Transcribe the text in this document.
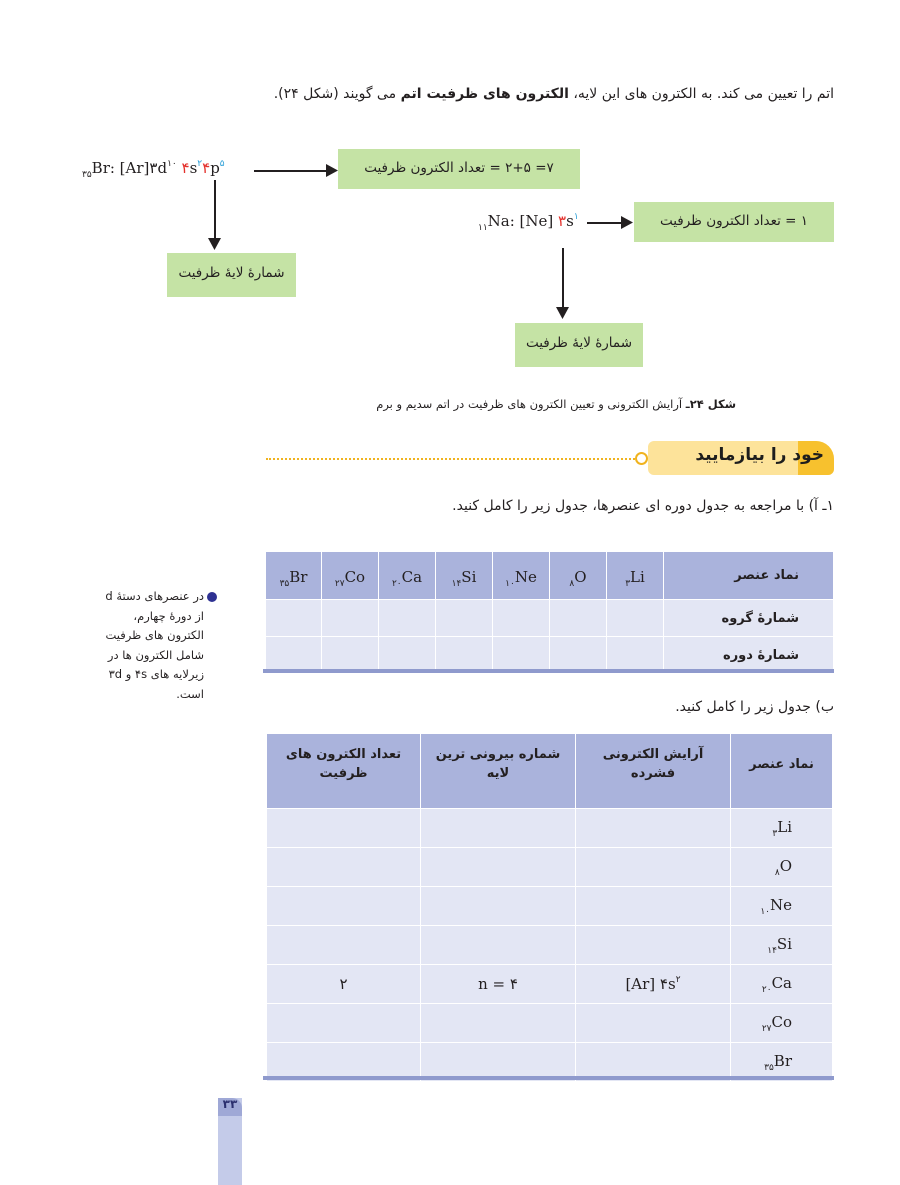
اتم را تعیین می کند. به الکترون های این لایه، الکترون های ظرفیت اتم می گویند (شکل ۲۴).
$_{۳۵}$Br: $[Ar]۳d^{۱۰}$ $۴s^۲۴p^۵$	۷= ۲+۵ = تعداد الکترون ظرفیت
شمارهٔ لایهٔ ظرفیت
$_{۱۱}$Na: [Ne] $۳s^۱$	۱ = تعداد الکترون ظرفیت
شمارهٔ لایهٔ ظرفیت
شکل ۲۴ـ آرایش الکترونی و تعیین الکترون های ظرفیت در اتم سدیم و برم
خود را بیازمایید
۱ـ آ) با مراجعه به جدول دوره ای عنصرها، جدول زیر را کامل کنید.
در عنصرهای دستهٔ d از دورهٔ چهارم، الکترون های ظرفیت شامل الکترون ها در زیرلایه های ۴s و ۳d است.
$_{۳۵}$Br	$_{۲۷}$Co	$_{۲۰}$Ca	$_{۱۴}$Si	$_{۱۰}$Ne	$_۸$O	$_۳$Li	نماد عنصر
							شمارهٔ گروه
							شمارهٔ دوره
ب) جدول زیر را کامل کنید.
تعداد الکترون های ظرفیت	شماره بیرونی ترین لایه	آرایش الکترونی فشرده	نماد عنصر
			$_۳$Li
			$_۸$O
			$_{۱۰}$Ne
			$_{۱۴}$Si
۲	n = ۴	[Ar] $۴s^۲$	$_{۲۰}$Ca
			$_{۲۷}$Co
			$_{۳۵}$Br
۳۳
